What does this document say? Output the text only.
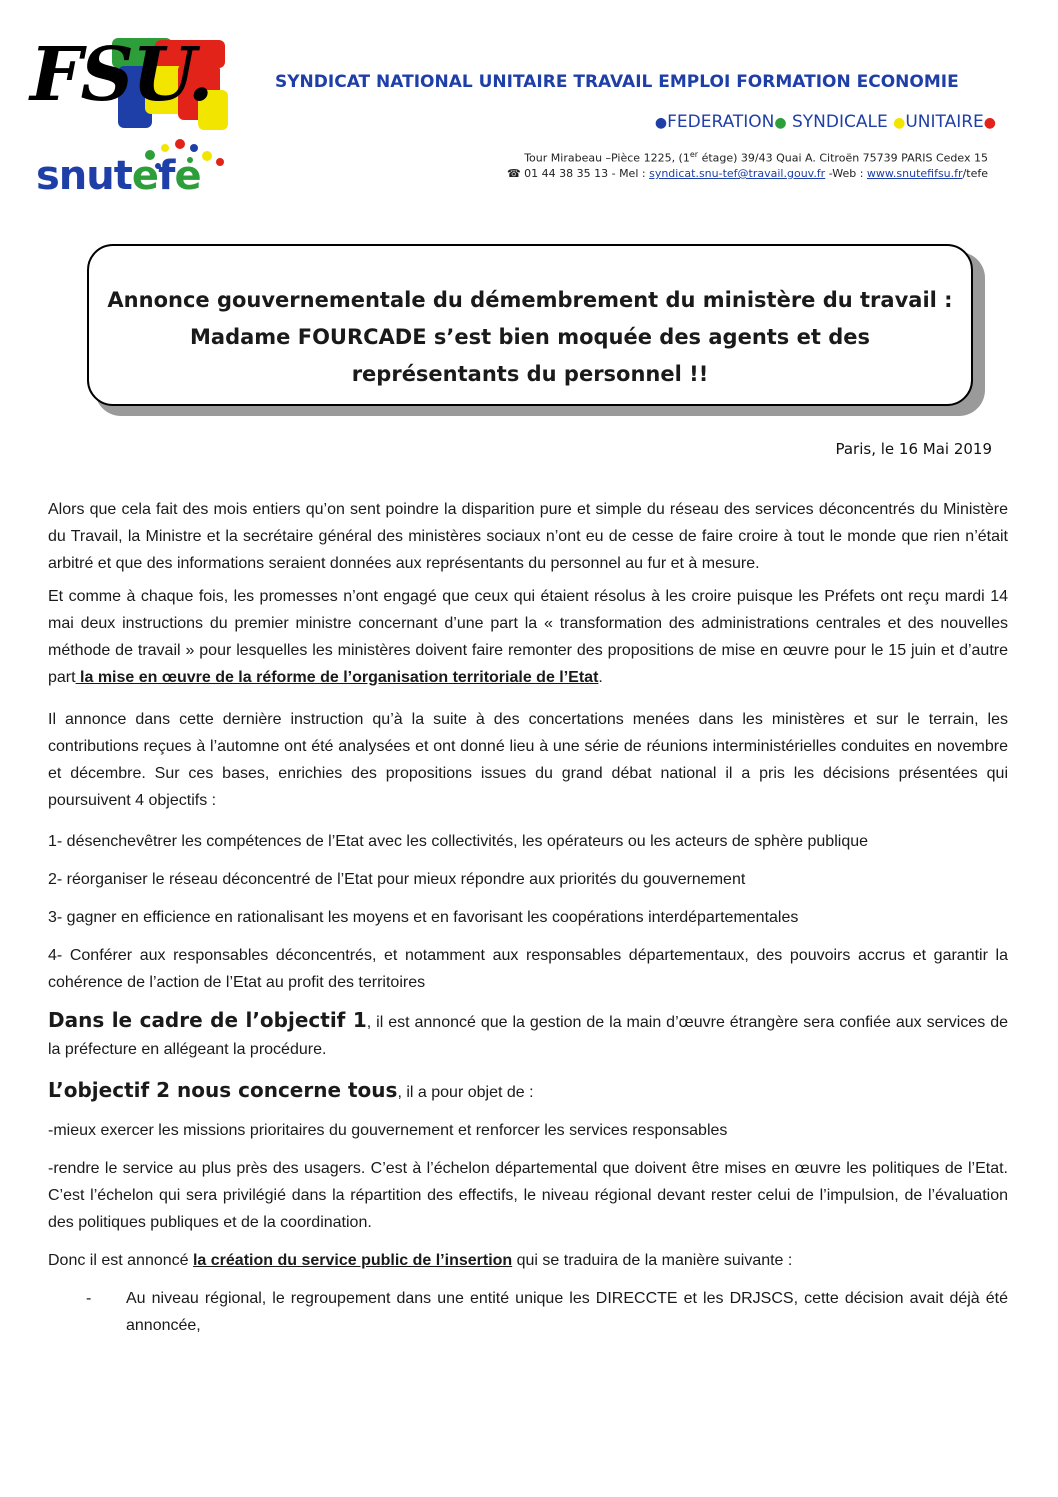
FSU.
snutefe
SYNDICAT NATIONAL UNITAIRE TRAVAIL EMPLOI FORMATION ECONOMIE
●FEDERATION● SYNDICALE ●UNITAIRE●
Tour Mirabeau –Pièce 1225, (1er étage) 39/43 Quai A. Citroën 75739 PARIS Cedex 15
☎ 01 44 38 35 13 - Mel : syndicat.snu-tef@travail.gouv.fr -Web : www.snutefifsu.fr/tefe
Annonce gouvernementale du démembrement du ministère du travail :
Madame FOURCADE s’est bien moquée des agents et des
représentants du personnel !!
Paris, le 16 Mai 2019

Alors que cela fait des mois entiers qu’on sent poindre la disparition pure et simple du réseau des services déconcentrés du Ministère du Travail, la Ministre et la secrétaire général des ministères sociaux n’ont eu de cesse de faire croire à tout le monde que rien n’était arbitré et que des informations seraient données aux représentants du personnel au fur et à mesure.

Et comme à chaque fois, les promesses n’ont engagé que ceux qui étaient résolus à les croire puisque les Préfets ont reçu mardi 14 mai deux instructions du premier ministre concernant d’une part la « transformation des administrations centrales et des nouvelles méthode de travail » pour lesquelles les ministères doivent faire remonter des propositions de mise en œuvre pour le 15 juin et d’autre part la mise en œuvre de la réforme de l’organisation territoriale de l’Etat.

Il annonce dans cette dernière instruction qu’à la suite à des concertations menées dans les ministères et sur le terrain, les contributions reçues à l’automne ont été analysées et ont donné lieu à une série de réunions interministérielles conduites en novembre et décembre. Sur ces bases, enrichies des propositions issues du grand débat national il a pris les décisions présentées qui poursuivent 4 objectifs :

1- désenchevêtrer les compétences de l’Etat avec les collectivités, les opérateurs ou les acteurs de sphère publique

2- réorganiser le réseau déconcentré de l’Etat pour mieux répondre aux priorités du gouvernement

3- gagner en efficience en rationalisant les moyens et en favorisant les coopérations interdépartementales

4- Conférer aux responsables déconcentrés, et notamment aux responsables départementaux, des pouvoirs accrus et garantir la cohérence de l’action de l’Etat au profit des territoires

Dans le cadre de l’objectif 1, il est annoncé que la gestion de la main d’œuvre étrangère sera confiée aux services de la préfecture en allégeant la procédure.

L’objectif 2 nous concerne tous, il a pour objet de :

-mieux exercer les missions prioritaires du gouvernement et renforcer les services responsables

-rendre le service au plus près des usagers. C’est à l’échelon départemental que doivent être mises en œuvre les politiques de l’Etat. C’est l’échelon qui sera privilégié dans la répartition des effectifs, le niveau régional devant rester celui de l’impulsion, de l’évaluation des politiques publiques et de la coordination.

Donc il est annoncé la création du service public de l’insertion qui se traduira de la manière suivante :

- Au niveau régional, le regroupement dans une entité unique les DIRECCTE et les DRJSCS, cette décision avait déjà été annoncée,
